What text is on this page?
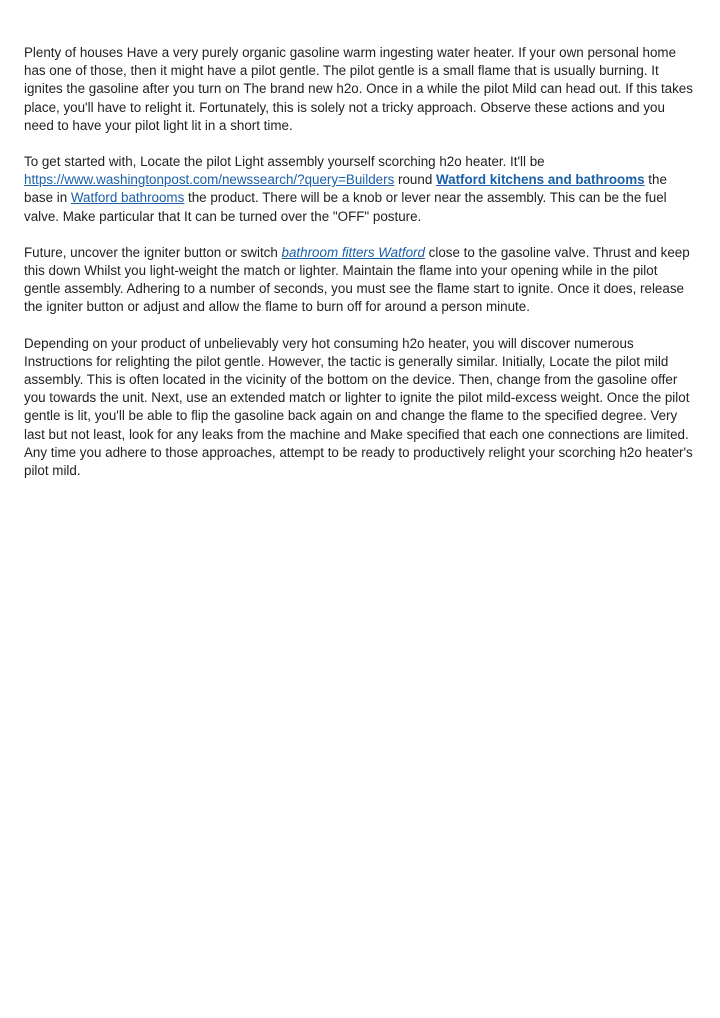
Plenty of houses Have a very purely organic gasoline warm ingesting water heater. If your own personal home has one of those, then it might have a pilot gentle. The pilot gentle is a small flame that is usually burning. It ignites the gasoline after you turn on The brand new h2o. Once in a while the pilot Mild can head out. If this takes place, you'll have to relight it. Fortunately, this is solely not a tricky approach. Observe these actions and you need to have your pilot light lit in a short time.

To get started with, Locate the pilot Light assembly yourself scorching h2o heater. It'll be https://www.washingtonpost.com/newssearch/?query=Builders round Watford kitchens and bathrooms the base in Watford bathrooms the product. There will be a knob or lever near the assembly. This can be the fuel valve. Make particular that It can be turned over the "OFF" posture.

Future, uncover the igniter button or switch bathroom fitters Watford close to the gasoline valve. Thrust and keep this down Whilst you light-weight the match or lighter. Maintain the flame into your opening while in the pilot gentle assembly. Adhering to a number of seconds, you must see the flame start to ignite. Once it does, release the igniter button or adjust and allow the flame to burn off for around a person minute.

Depending on your product of unbelievably very hot consuming h2o heater, you will discover numerous Instructions for relighting the pilot gentle. However, the tactic is generally similar. Initially, Locate the pilot mild assembly. This is often located in the vicinity of the bottom on the device. Then, change from the gasoline offer you towards the unit. Next, use an extended match or lighter to ignite the pilot mild-excess weight. Once the pilot gentle is lit, you'll be able to flip the gasoline back again on and change the flame to the specified degree. Very last but not least, look for any leaks from the machine and Make specified that each one connections are limited. Any time you adhere to those approaches, attempt to be ready to productively relight your scorching h2o heater's pilot mild.
